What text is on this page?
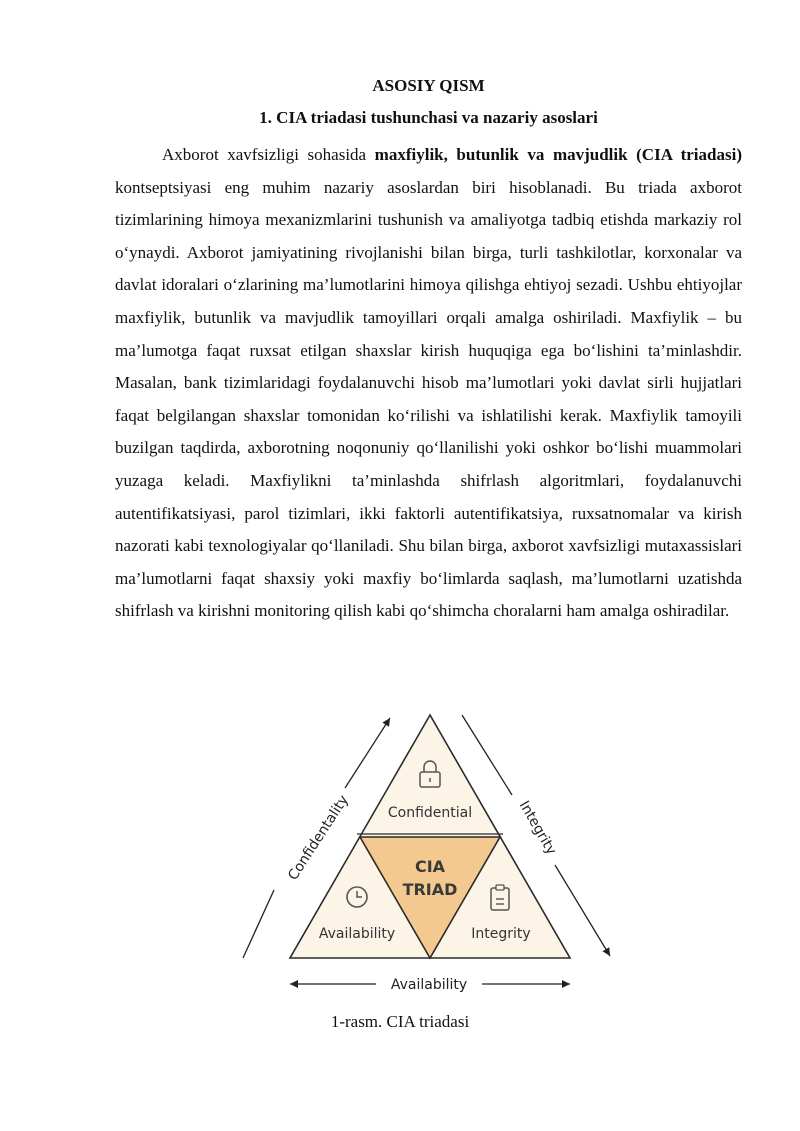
ASOSIY QISM

1. CIA triadasi tushunchasi va nazariy asoslari

Axborot xavfsizligi sohasida maxfiylik, butunlik va mavjudlik (CIA triadasi) kontseptsiyasi eng muhim nazariy asoslardan biri hisoblanadi. Bu triada axborot tizimlarining himoya mexanizmlarini tushunish va amaliyotga tadbiq etishda markaziy rol o‘ynaydi. Axborot jamiyatining rivojlanishi bilan birga, turli tashkilotlar, korxonalar va davlat idoralari o‘zlarining ma’lumotlarini himoya qilishga ehtiyoj sezadi. Ushbu ehtiyojlar maxfiylik, butunlik va mavjudlik tamoyillari orqali amalga oshiriladi. Maxfiylik – bu ma’lumotga faqat ruxsat etilgan shaxslar kirish huquqiga ega bo‘lishini ta’minlashdir. Masalan, bank tizimlaridagi foydalanuvchi hisob ma’lumotlari yoki davlat sirli hujjatlari faqat belgilangan shaxslar tomonidan ko‘rilishi va ishlatilishi kerak. Maxfiylik tamoyili buzilgan taqdirda, axborotning noqonuniy qo‘llanilishi yoki oshkor bo‘lishi muammolari yuzaga keladi. Maxfiylikni ta’minlashda shifrlash algoritmlari, foydalanuvchi autentifikatsiyasi, parol tizimlari, ikki faktorli autentifikatsiya, ruxsatnomalar va kirish nazorati kabi texnologiyalar qo‘llaniladi. Shu bilan birga, axborot xavfsizligi mutaxassislari ma’lumotlarni faqat shaxsiy yoki maxfiy bo‘limlarda saqlash, ma’lumotlarni uzatishda shifrlash va kirishni monitoring qilish kabi qo‘shimcha choralarni ham amalga oshiradilar.

Confidential
Availability	Integrity
CIA
TRIAD
Confidentality	Integrity
Availability

1-rasm. CIA triadasi
